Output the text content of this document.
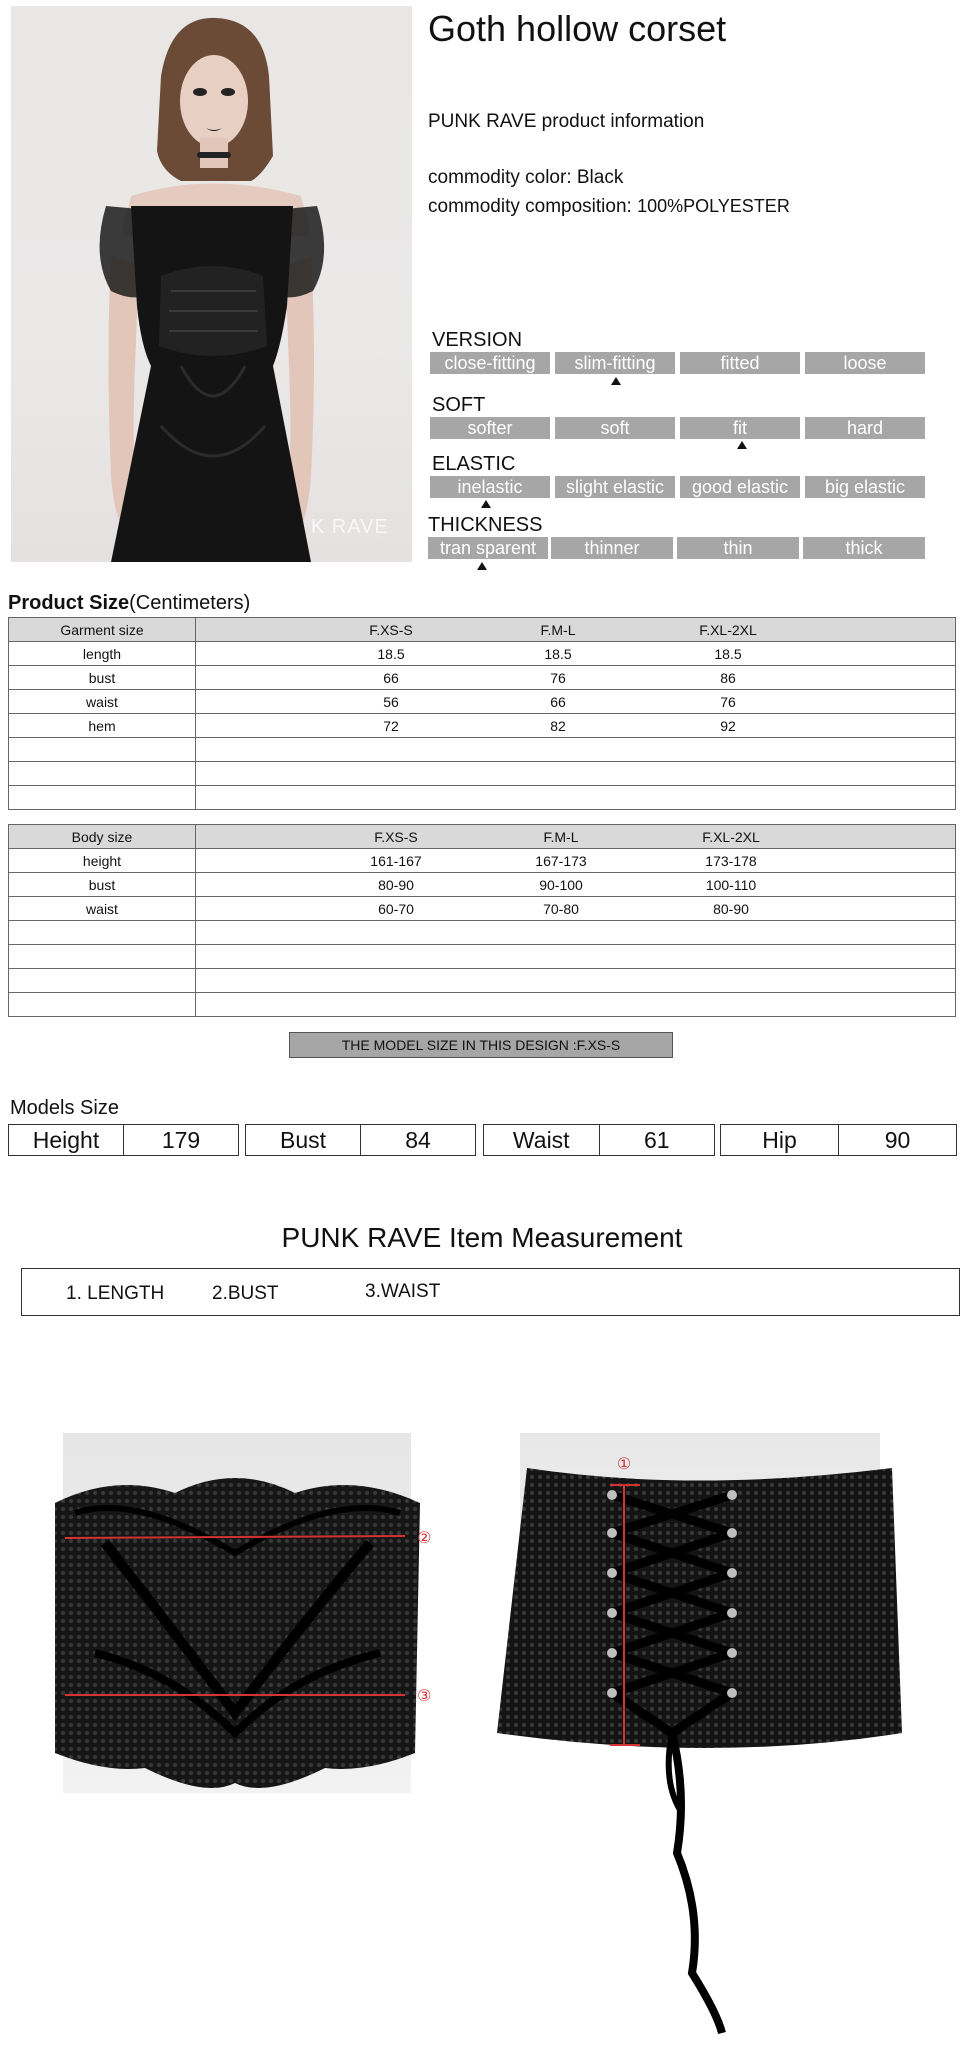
K RAVE
Goth hollow corset
PUNK RAVE product information
commodity color: Black
commodity composition: 100%POLYESTER
VERSION
close-fitting	slim-fitting	fitted	loose
SOFT
softer	soft	fit	hard
ELASTIC
inelastic	slight elastic	good elastic	big elastic
THICKNESS
tran sparent	thinner	thin	thick
Product Size(Centimeters)
Garment size	F.XS-S F.M-L F.XL-2XL

length	18.5 18.5 18.5

bust	66 76 86

waist	56 66 76

hem	72 82 92

Body size	F.XS-S F.M-L F.XL-2XL

height	161-167 167-173 173-178

bust	80-90 90-100 100-110

waist	60-70 70-80 80-90

THE MODEL SIZE IN THIS DESIGN :F.XS-S
Models Size
Height	179	Bust	84	Waist	61	Hip	90
PUNK RAVE Item Measurement
1. LENGTH	2.BUST	3.WAIST
②
③
①
